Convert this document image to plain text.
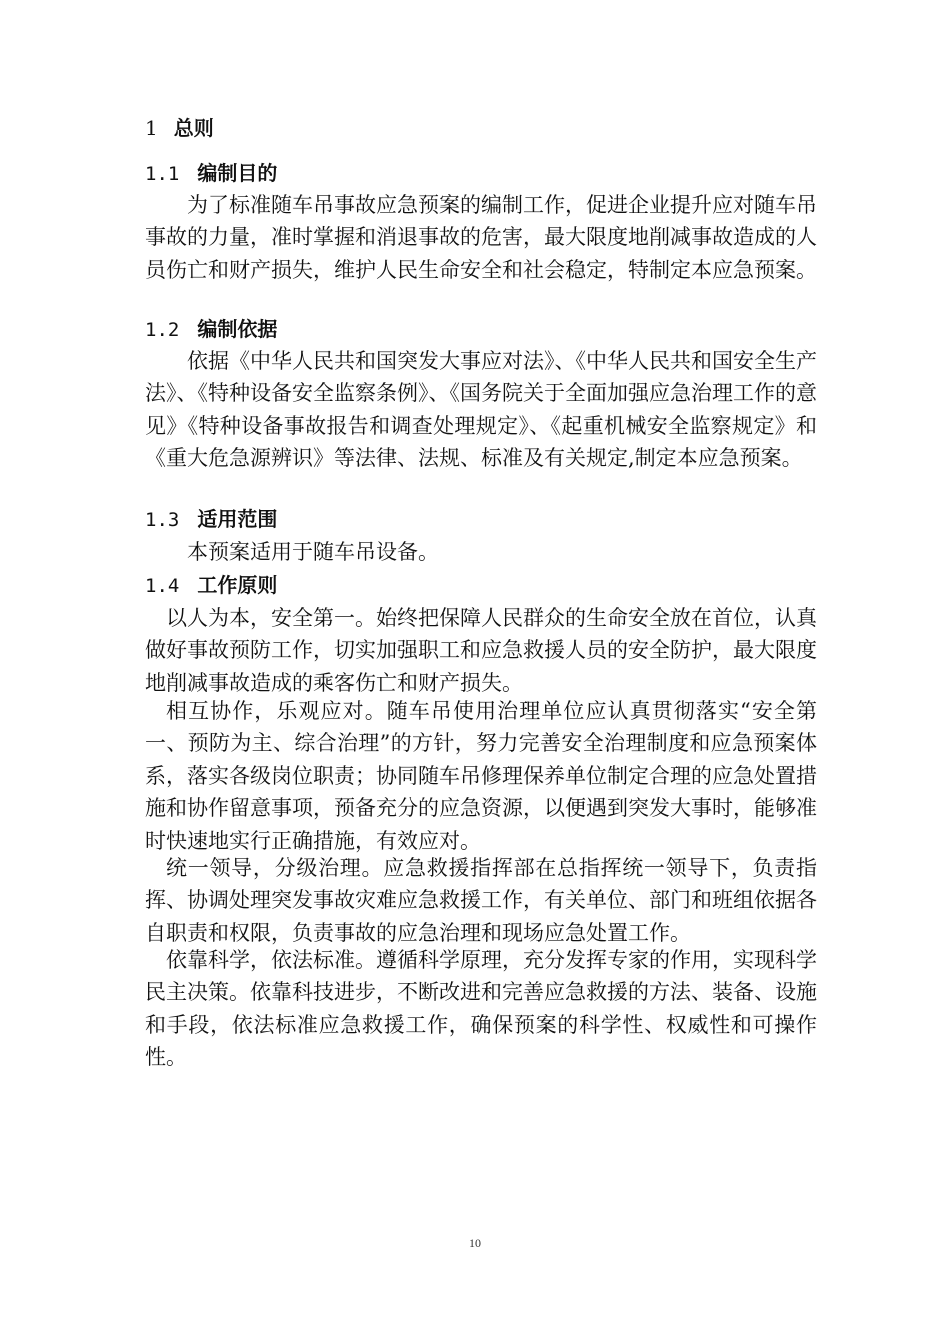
1 总则
1.1 编制目的
为了标准随车吊事故应急预案的编制工作，促进企业提升应对随车吊事故的力量，准时掌握和消退事故的危害，最大限度地削减事故造成的人员伤亡和财产损失，维护人民生命安全和社会稳定，特制定本应急预案。
1.2 编制依据
依据《中华人民共和国突发大事应对法》、《中华人民共和国安全生产法》、《特种设备安全监察条例》、《国务院关于全面加强应急治理工作的意见》《特种设备事故报告和调查处理规定》、《起重机械安全监察规定》和《重大危急源辨识》等法律、法规、标准及有关规定,制定本应急预案。
1.3 适用范围
本预案适用于随车吊设备。
1.4 工作原则
以人为本，安全第一。始终把保障人民群众的生命安全放在首位，认真做好事故预防工作，切实加强职工和应急救援人员的安全防护，最大限度地削减事故造成的乘客伤亡和财产损失。
相互协作，乐观应对。随车吊使用治理单位应认真贯彻落实“安全第一、预防为主、综合治理”的方针，努力完善安全治理制度和应急预案体系，落实各级岗位职责；协同随车吊修理保养单位制定合理的应急处置措施和协作留意事项，预备充分的应急资源，以便遇到突发大事时，能够准时快速地实行正确措施，有效应对。
统一领导，分级治理。应急救援指挥部在总指挥统一领导下，负责指挥、协调处理突发事故灾难应急救援工作，有关单位、部门和班组依据各自职责和权限，负责事故的应急治理和现场应急处置工作。
依靠科学，依法标准。遵循科学原理，充分发挥专家的作用，实现科学民主决策。依靠科技进步，不断改进和完善应急救援的方法、装备、设施和手段，依法标准应急救援工作，确保预案的科学性、权威性和可操作性。
10
